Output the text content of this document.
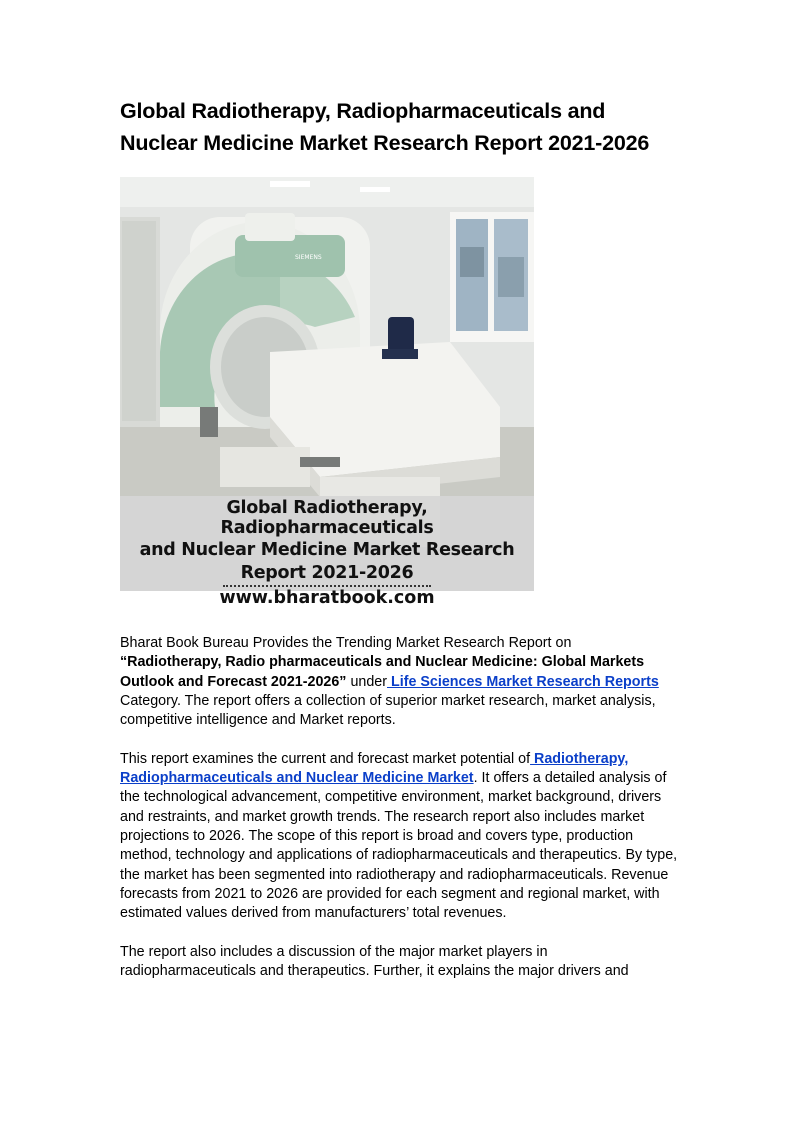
Global Radiotherapy, Radiopharmaceuticals and
Nuclear Medicine Market Research Report 2021-2026
SIEMENS
Global Radiotherapy, Radiopharmaceuticals
and Nuclear Medicine Market Research
Report 2021-2026
www.bharatbook.com

Bharat Book Bureau Provides the Trending Market Research Report on
“Radiotherapy, Radio pharmaceuticals and Nuclear Medicine: Global Markets Outlook and Forecast 2021-2026” under Life Sciences Market Research Reports Category. The report offers a collection of superior market research, market analysis, competitive intelligence and Market reports.

This report examines the current and forecast market potential of Radiotherapy, Radiopharmaceuticals and Nuclear Medicine Market. It offers a detailed analysis of the technological advancement, competitive environment, market background, drivers and restraints, and market growth trends. The research report also includes market projections to 2026. The scope of this report is broad and covers type, production method, technology and applications of radiopharmaceuticals and therapeutics. By type, the market has been segmented into radiotherapy and radiopharmaceuticals. Revenue forecasts from 2021 to 2026 are provided for each segment and regional market, with estimated values derived from manufacturers’ total revenues.

The report also includes a discussion of the major market players in radiopharmaceuticals and therapeutics. Further, it explains the major drivers and
